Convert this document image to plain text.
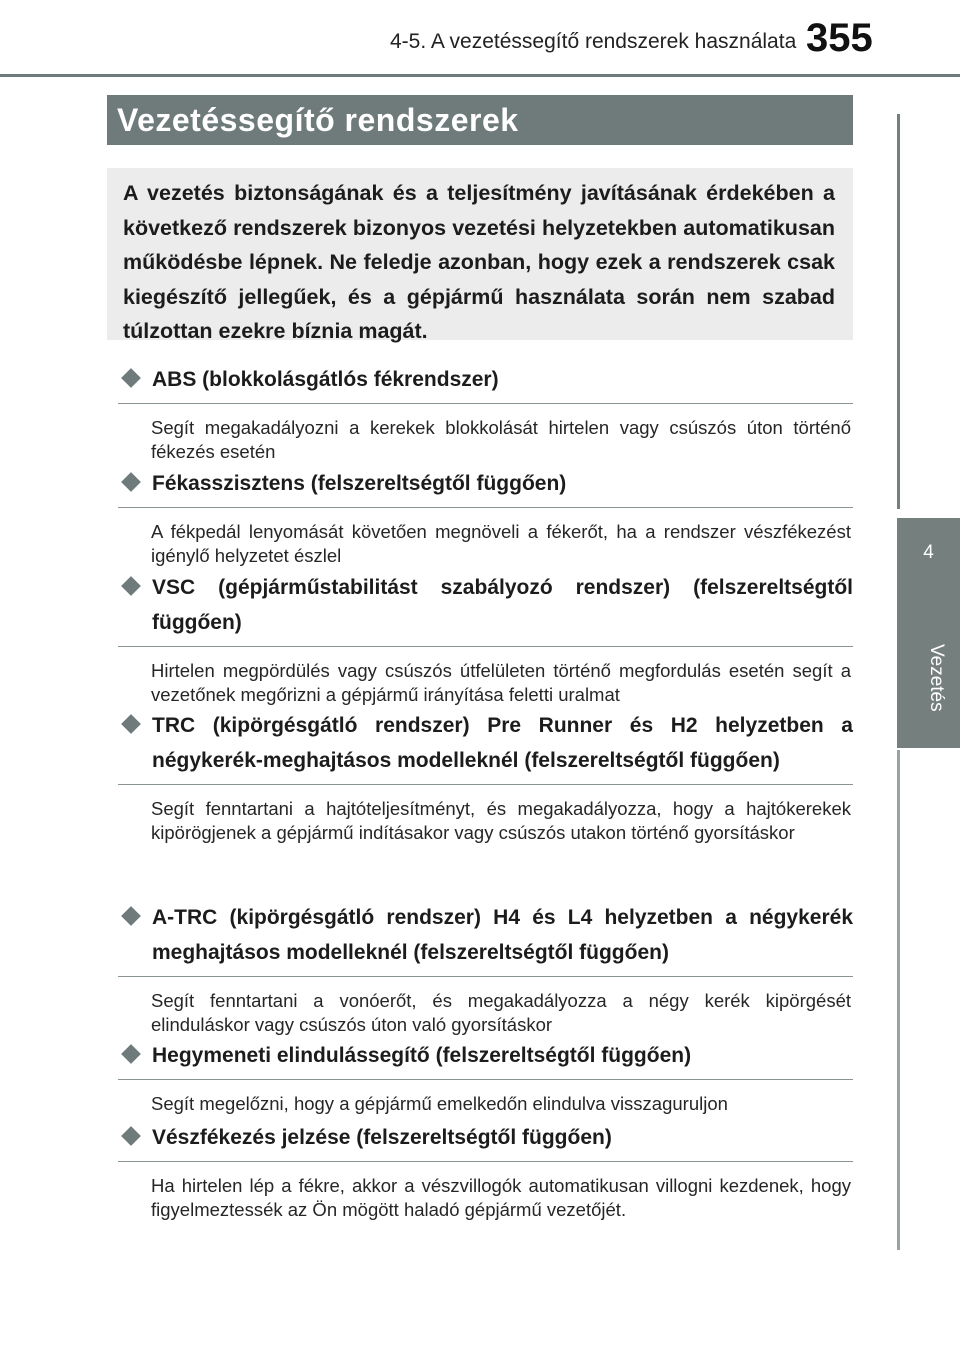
4-5. A vezetéssegítő rendszerek használata 355
4
Vezetés
Vezetéssegítő rendszerek
A vezetés biztonságának és a teljesítmény javításának érdekében a következő rendszerek bizonyos vezetési helyzetekben automatikusan működésbe lépnek. Ne feledje azonban, hogy ezek a rendszerek csak kiegészítő jellegűek, és a gépjármű használata során nem szabad túlzottan ezekre bíznia magát.
ABS (blokkolásgátlós fékrendszer)
Segít megakadályozni a kerekek blokkolását hirtelen vagy csúszós úton történő fékezés esetén
Fékasszisztens (felszereltségtől függően)
A fékpedál lenyomását követően megnöveli a fékerőt, ha a rendszer vészfékezést igénylő helyzetet észlel
VSC (gépjárműstabilitást szabályozó rendszer) (felszereltségtől függően)
Hirtelen megpördülés vagy csúszós útfelületen történő megfordulás esetén segít a vezetőnek megőrizni a gépjármű irányítása feletti uralmat
TRC (kipörgésgátló rendszer) Pre Runner és H2 helyzetben a négykerék-meghajtásos modelleknél (felszereltségtől függően)
Segít fenntartani a hajtóteljesítményt, és megakadályozza, hogy a hajtókerekek kipörögjenek a gépjármű indításakor vagy csúszós utakon történő gyorsításkor
A-TRC (kipörgésgátló rendszer) H4 és L4 helyzetben a négykerék meghajtásos modelleknél (felszereltségtől függően)
Segít fenntartani a vonóerőt, és megakadályozza a négy kerék kipörgését elinduláskor vagy csúszós úton való gyorsításkor
Hegymeneti elindulássegítő (felszereltségtől függően)
Segít megelőzni, hogy a gépjármű emelkedőn elindulva visszaguruljon
Vészfékezés jelzése (felszereltségtől függően)
Ha hirtelen lép a fékre, akkor a vészvillogók automatikusan villogni kezdenek, hogy figyelmeztessék az Ön mögött haladó gépjármű vezetőjét.
